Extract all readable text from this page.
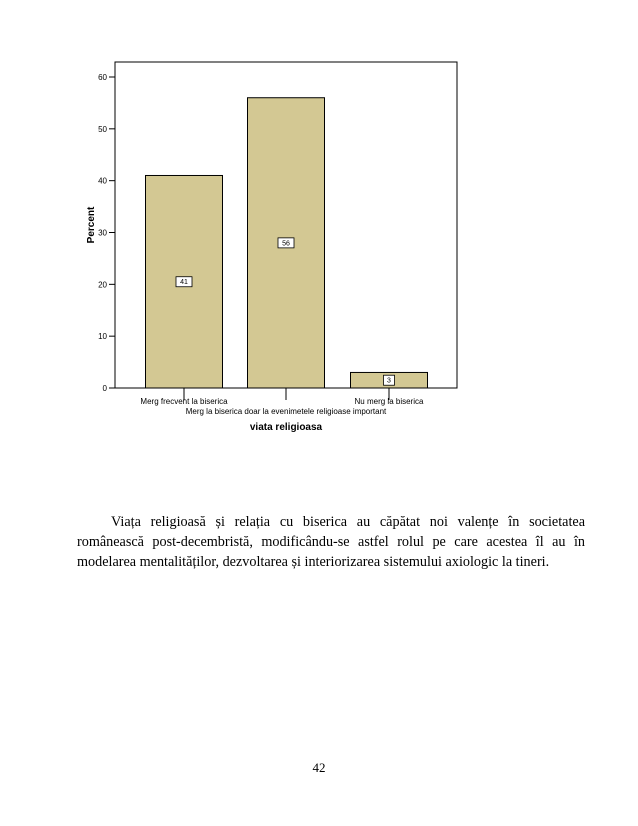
0
10
20
30
40
50
60
41
56
3
Merg frecvent la biserica
Merg la biserica doar la evenimetele religioase important
Nu merg la biserica
Percent
viata religioasa

Viața religioasă și relația cu biserica au căpătat noi valențe în societatea românească post-decembristă, modificându-se astfel rolul pe care acestea îl au în modelarea mentalităților, dezvoltarea și interiorizarea sistemului axiologic la tineri.

42
